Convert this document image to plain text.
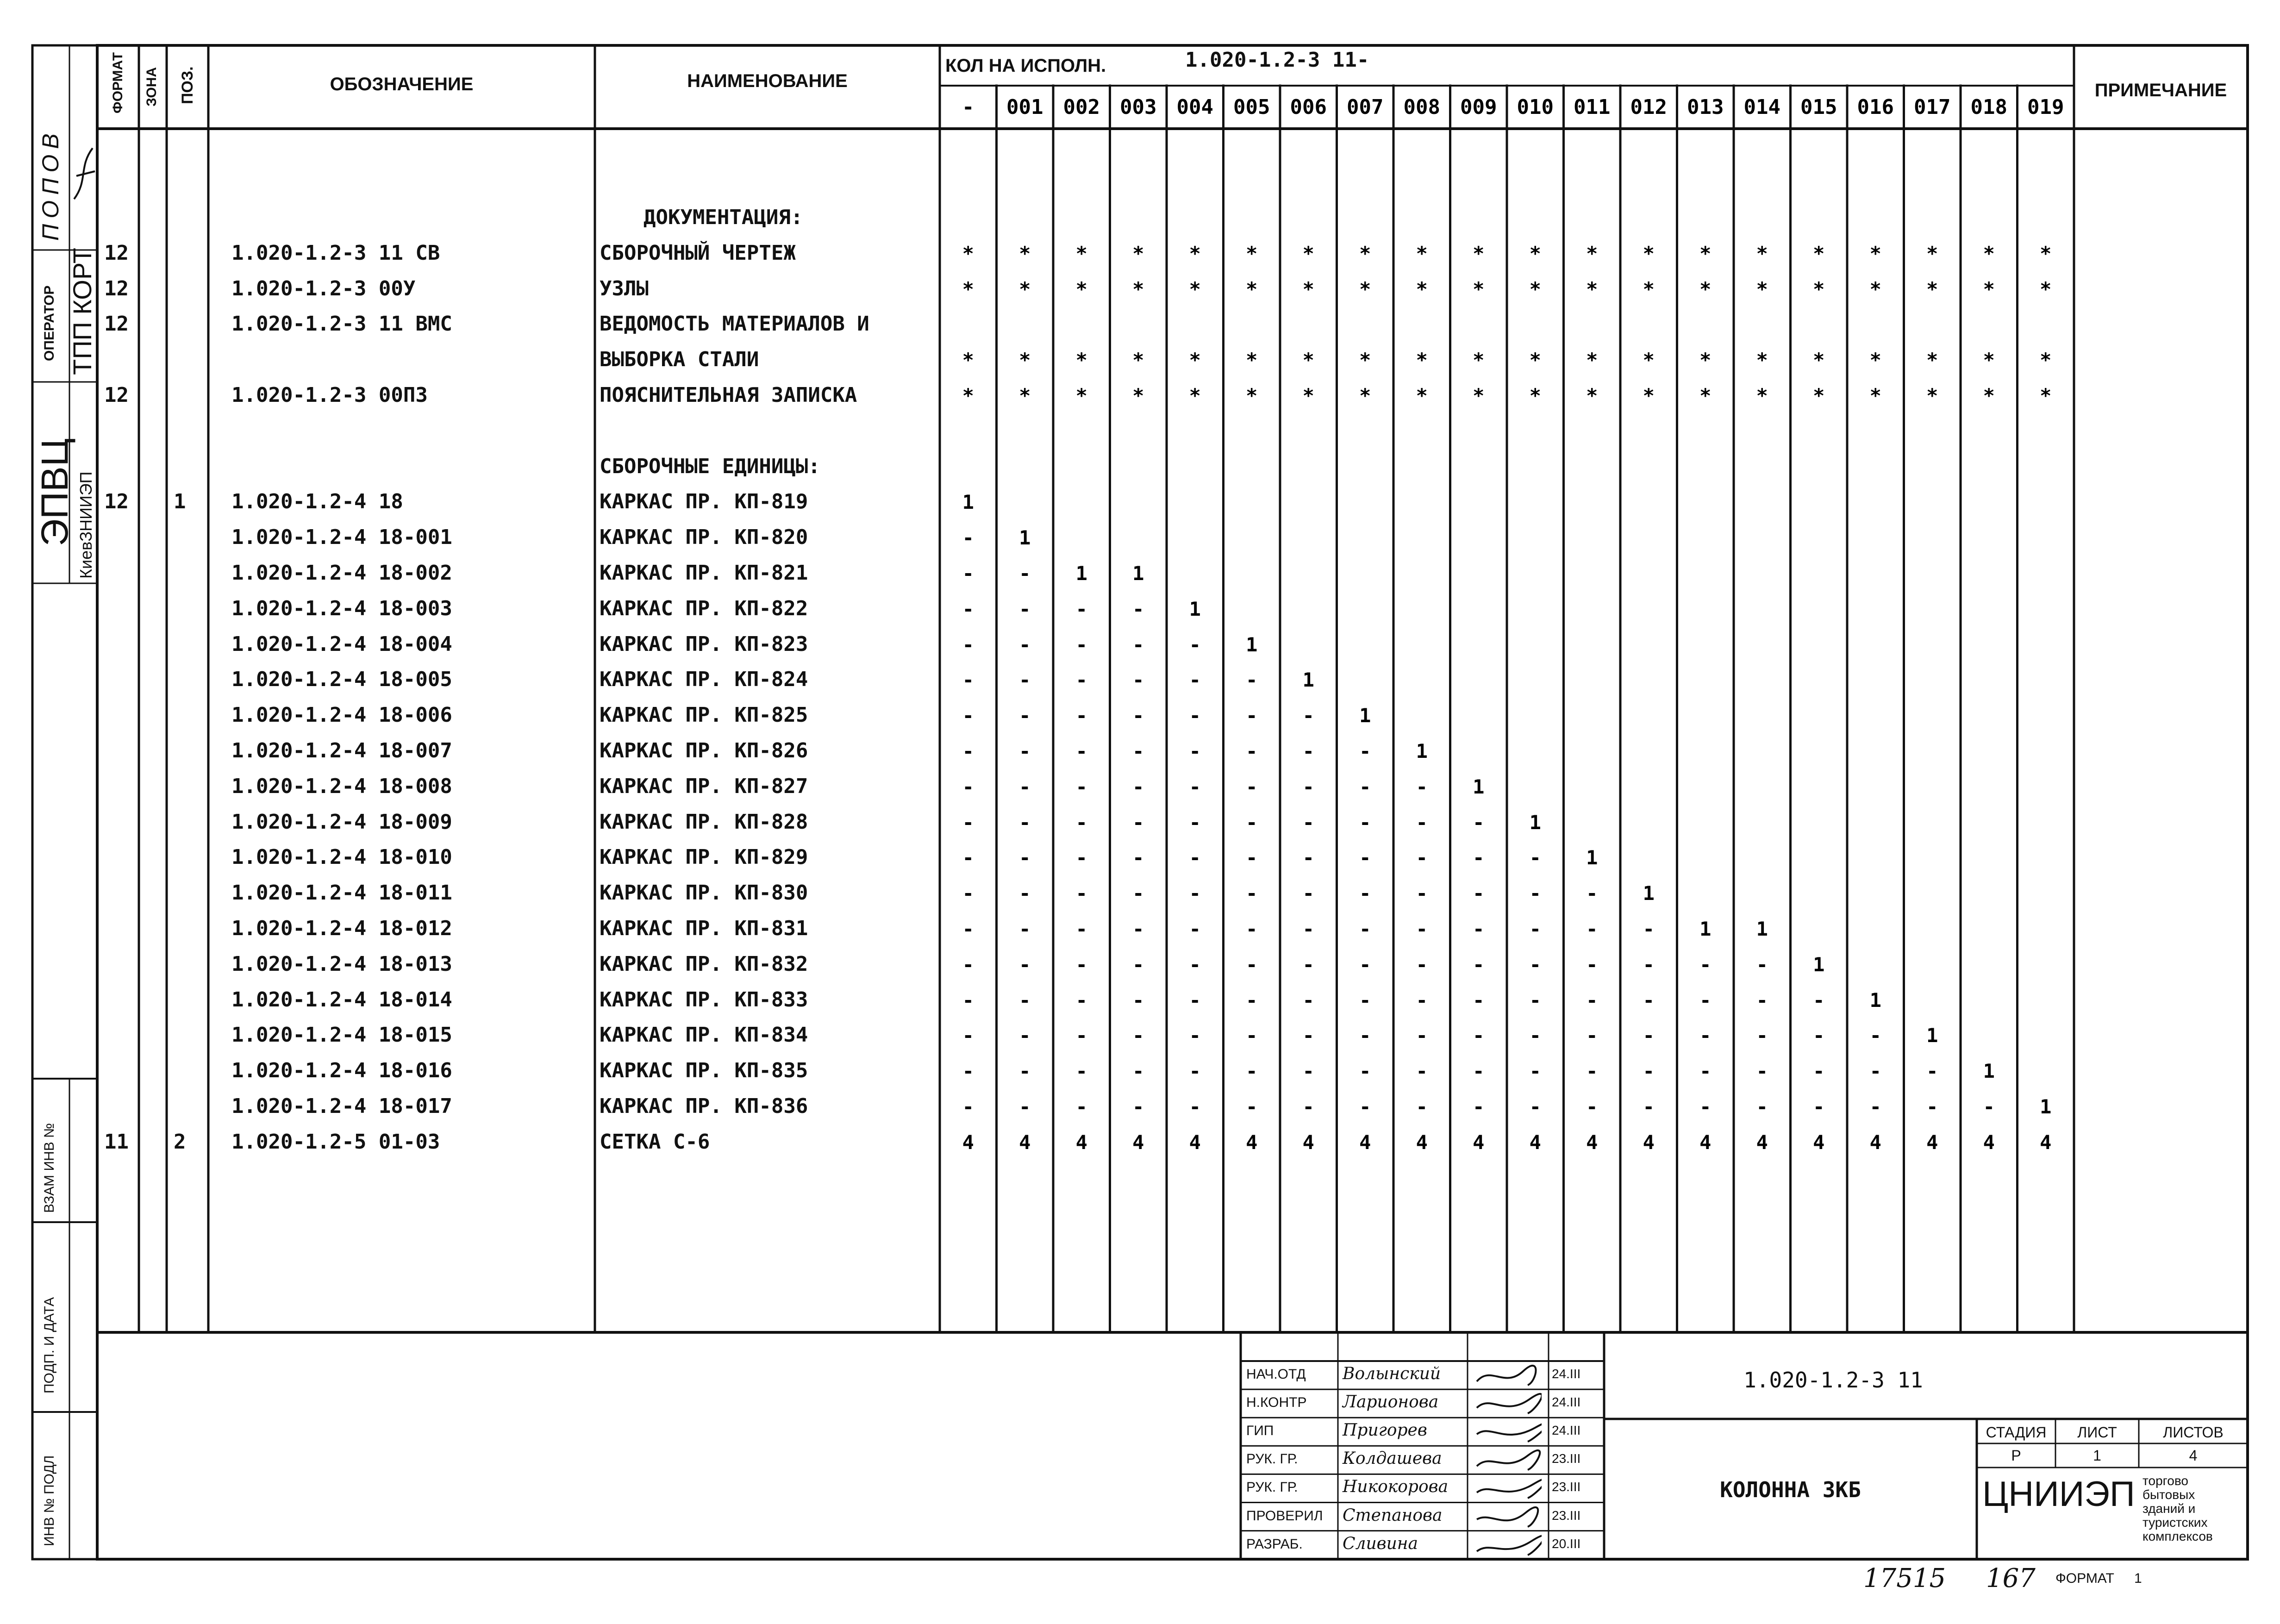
ФОРМАТ ЗОНА ПОЗ.	ОБОЗНАЧЕНИЕ	НАИМЕНОВАНИЕ
КОЛ НА ИСПОЛН.	1.020-1.2-3 11-
ПРИМЕЧАНИЕ
-	001 002 003 004 005 006 007 008 009 010 011 012 013 014 015 016 017 018 019
ДОКУМЕНТАЦИЯ:
12	1.020-1.2-3 11 СВ	СБОРОЧНЫЙ ЧЕРТЕЖ	*	*	*	*	*	*	*	*	*	*	*	*	*	*	*	*	*	*	*	*
12	1.020-1.2-3 00У	УЗЛЫ	*	*	*	*	*	*	*	*	*	*	*	*	*	*	*	*	*	*	*	*
12	1.020-1.2-3 11 ВМС	ВЕДОМОСТЬ МАТЕРИАЛОВ И
ВЫБОРКА СТАЛИ	*	*	*	*	*	*	*	*	*	*	*	*	*	*	*	*	*	*	*	*
12	1.020-1.2-3 00ПЗ	ПОЯСНИТЕЛЬНАЯ ЗАПИСКА	*	*	*	*	*	*	*	*	*	*	*	*	*	*	*	*	*	*	*	*
СБОРОЧНЫЕ ЕДИНИЦЫ:
12 1 1.020-1.2-4 18	КАРКАС ПР. КП-819	1
1.020-1.2-4 18-001	КАРКАС ПР. КП-820	-	1
1.020-1.2-4 18-002	КАРКАС ПР. КП-821	-	-	1	1
1.020-1.2-4 18-003	КАРКАС ПР. КП-822	-	-	-	-	1
1.020-1.2-4 18-004	КАРКАС ПР. КП-823	-	-	-	-	-	1
1.020-1.2-4 18-005	КАРКАС ПР. КП-824	-	-	-	-	-	-	1
1.020-1.2-4 18-006	КАРКАС ПР. КП-825	-	-	-	-	-	-	-	1
1.020-1.2-4 18-007	КАРКАС ПР. КП-826	-	-	-	-	-	-	-	-	1
1.020-1.2-4 18-008	КАРКАС ПР. КП-827	-	-	-	-	-	-	-	-	-	1
1.020-1.2-4 18-009	КАРКАС ПР. КП-828	-	-	-	-	-	-	-	-	-	-	1
1.020-1.2-4 18-010	КАРКАС ПР. КП-829	-	-	-	-	-	-	-	-	-	-	-	1
1.020-1.2-4 18-011	КАРКАС ПР. КП-830	-	-	-	-	-	-	-	-	-	-	-	-	1
1.020-1.2-4 18-012	КАРКАС ПР. КП-831	-	-	-	-	-	-	-	-	-	-	-	-	-	1	1
1.020-1.2-4 18-013	КАРКАС ПР. КП-832	-	-	-	-	-	-	-	-	-	-	-	-	-	-	-	1
1.020-1.2-4 18-014	КАРКАС ПР. КП-833	-	-	-	-	-	-	-	-	-	-	-	-	-	-	-	-	1
1.020-1.2-4 18-015	КАРКАС ПР. КП-834	-	-	-	-	-	-	-	-	-	-	-	-	-	-	-	-	-	1
1.020-1.2-4 18-016	КАРКАС ПР. КП-835	-	-	-	-	-	-	-	-	-	-	-	-	-	-	-	-	-	-	1
1.020-1.2-4 18-017	КАРКАС ПР. КП-836	-	-	-	-	-	-	-	-	-	-	-	-	-	-	-	-	-	-	-	1
11 2 1.020-1.2-5 01-03	СЕТКА С-6	4	4	4	4	4	4	4	4	4	4	4	4	4	4	4	4	4	4	4	4
ПОПОВ
ОПЕРАТОР ТПП КОРТ
ЭПВЦ КиевЗНИИЭП
ВЗАМ ИНВ №
ПОДП. И ДАТА
ИНВ № ПОДЛ
НАЧ.ОТД Волынский	24.III
Н.КОНТР Ларионова	24.III
ГИП	Пригорев	24.III
РУК. ГР.	Колдашева	23.III
РУК. ГР.	Никокорова	23.III
ПРОВЕРИЛ Степанова	23.III
РАЗРАБ. Сливина	20.III
1.020-1.2-3 11
КОЛОННА 3КБ
СТАДИЯ	ЛИСТ	ЛИСТОВ
Р	1	4
ЦНИИЭП торгово
бытовых
зданий и
туристских
комплексов
17515 167 ФОРМАТ 1
